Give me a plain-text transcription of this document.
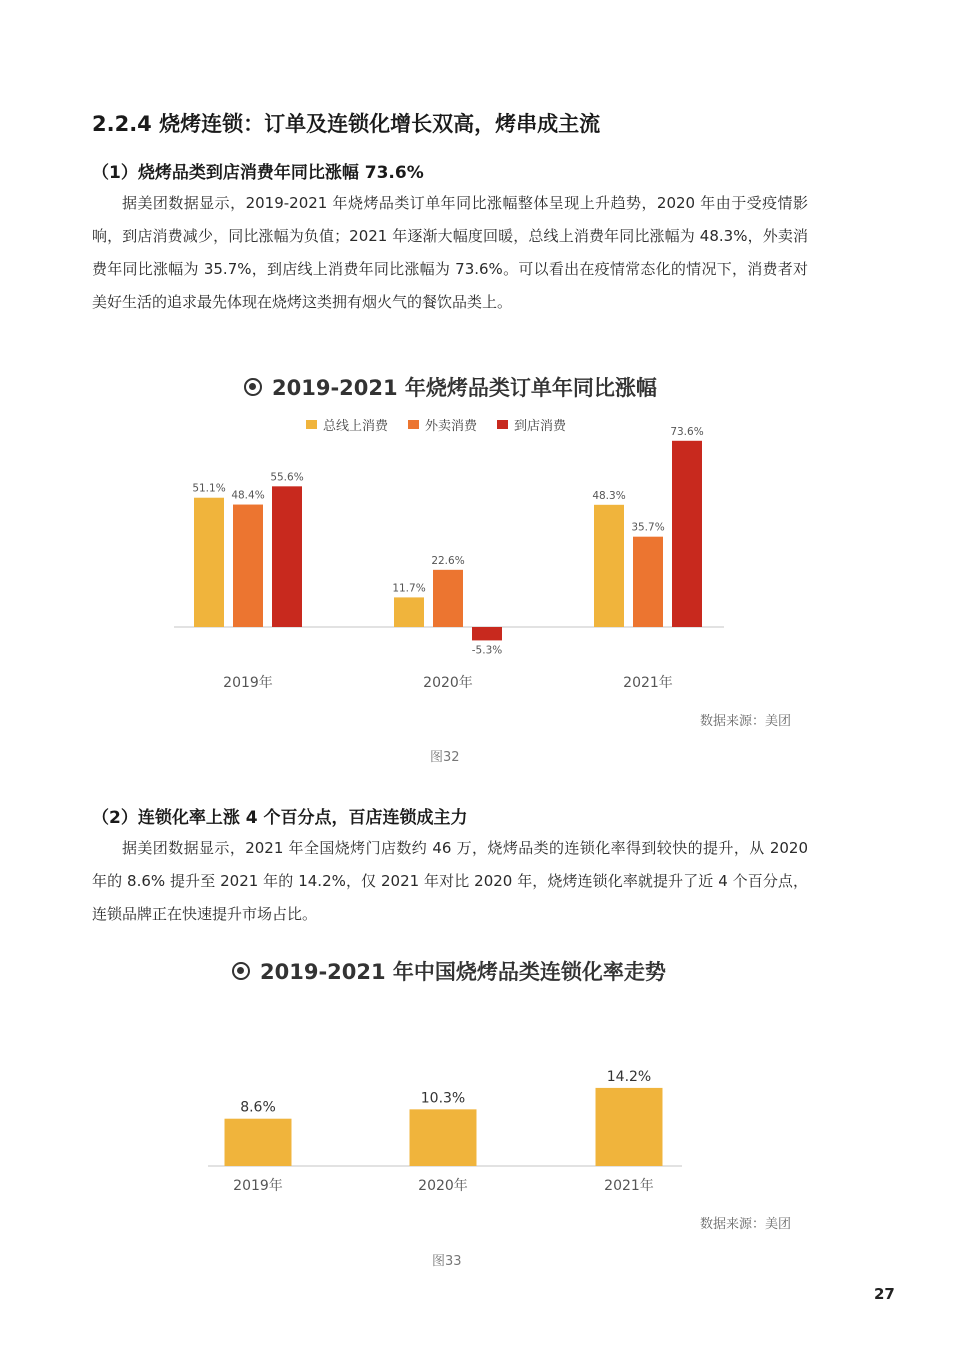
2.2.4 烧烤连锁：订单及连锁化增长双高，烤串成主流
（1）烧烤品类到店消费年同比涨幅 73.6%

据美团数据显示，2019-2021 年烧烤品类订单年同比涨幅整体呈现上升趋势，2020 年由于受疫情影响，到店消费减少，同比涨幅为负值；2021 年逐渐大幅度回暖，总线上消费年同比涨幅为 48.3%，外卖消费年同比涨幅为 35.7%，到店线上消费年同比涨幅为 73.6%。可以看出在疫情常态化的情况下，消费者对美好生活的追求最先体现在烧烤这类拥有烟火气的餐饮品类上。

2019-2021 年烧烤品类订单年同比涨幅
总线上消费	外卖消费	到店消费
2019年
51.1%
48.4%
55.6%
2020年
11.7%
22.6%
-5.3%
2021年
48.3%
35.7%
73.6%
数据来源：美团
图32
（2）连锁化率上涨 4 个百分点，百店连锁成主力

据美团数据显示，2021 年全国烧烤门店数约 46 万，烧烤品类的连锁化率得到较快的提升，从 2020 年的 8.6% 提升至 2021 年的 14.2%，仅 2021 年对比 2020 年，烧烤连锁化率就提升了近 4 个百分点，连锁品牌正在快速提升市场占比。

2019-2021 年中国烧烤品类连锁化率走势
8.6%
2019年
10.3%
2020年
14.2%
2021年
数据来源：美团
图33
27
